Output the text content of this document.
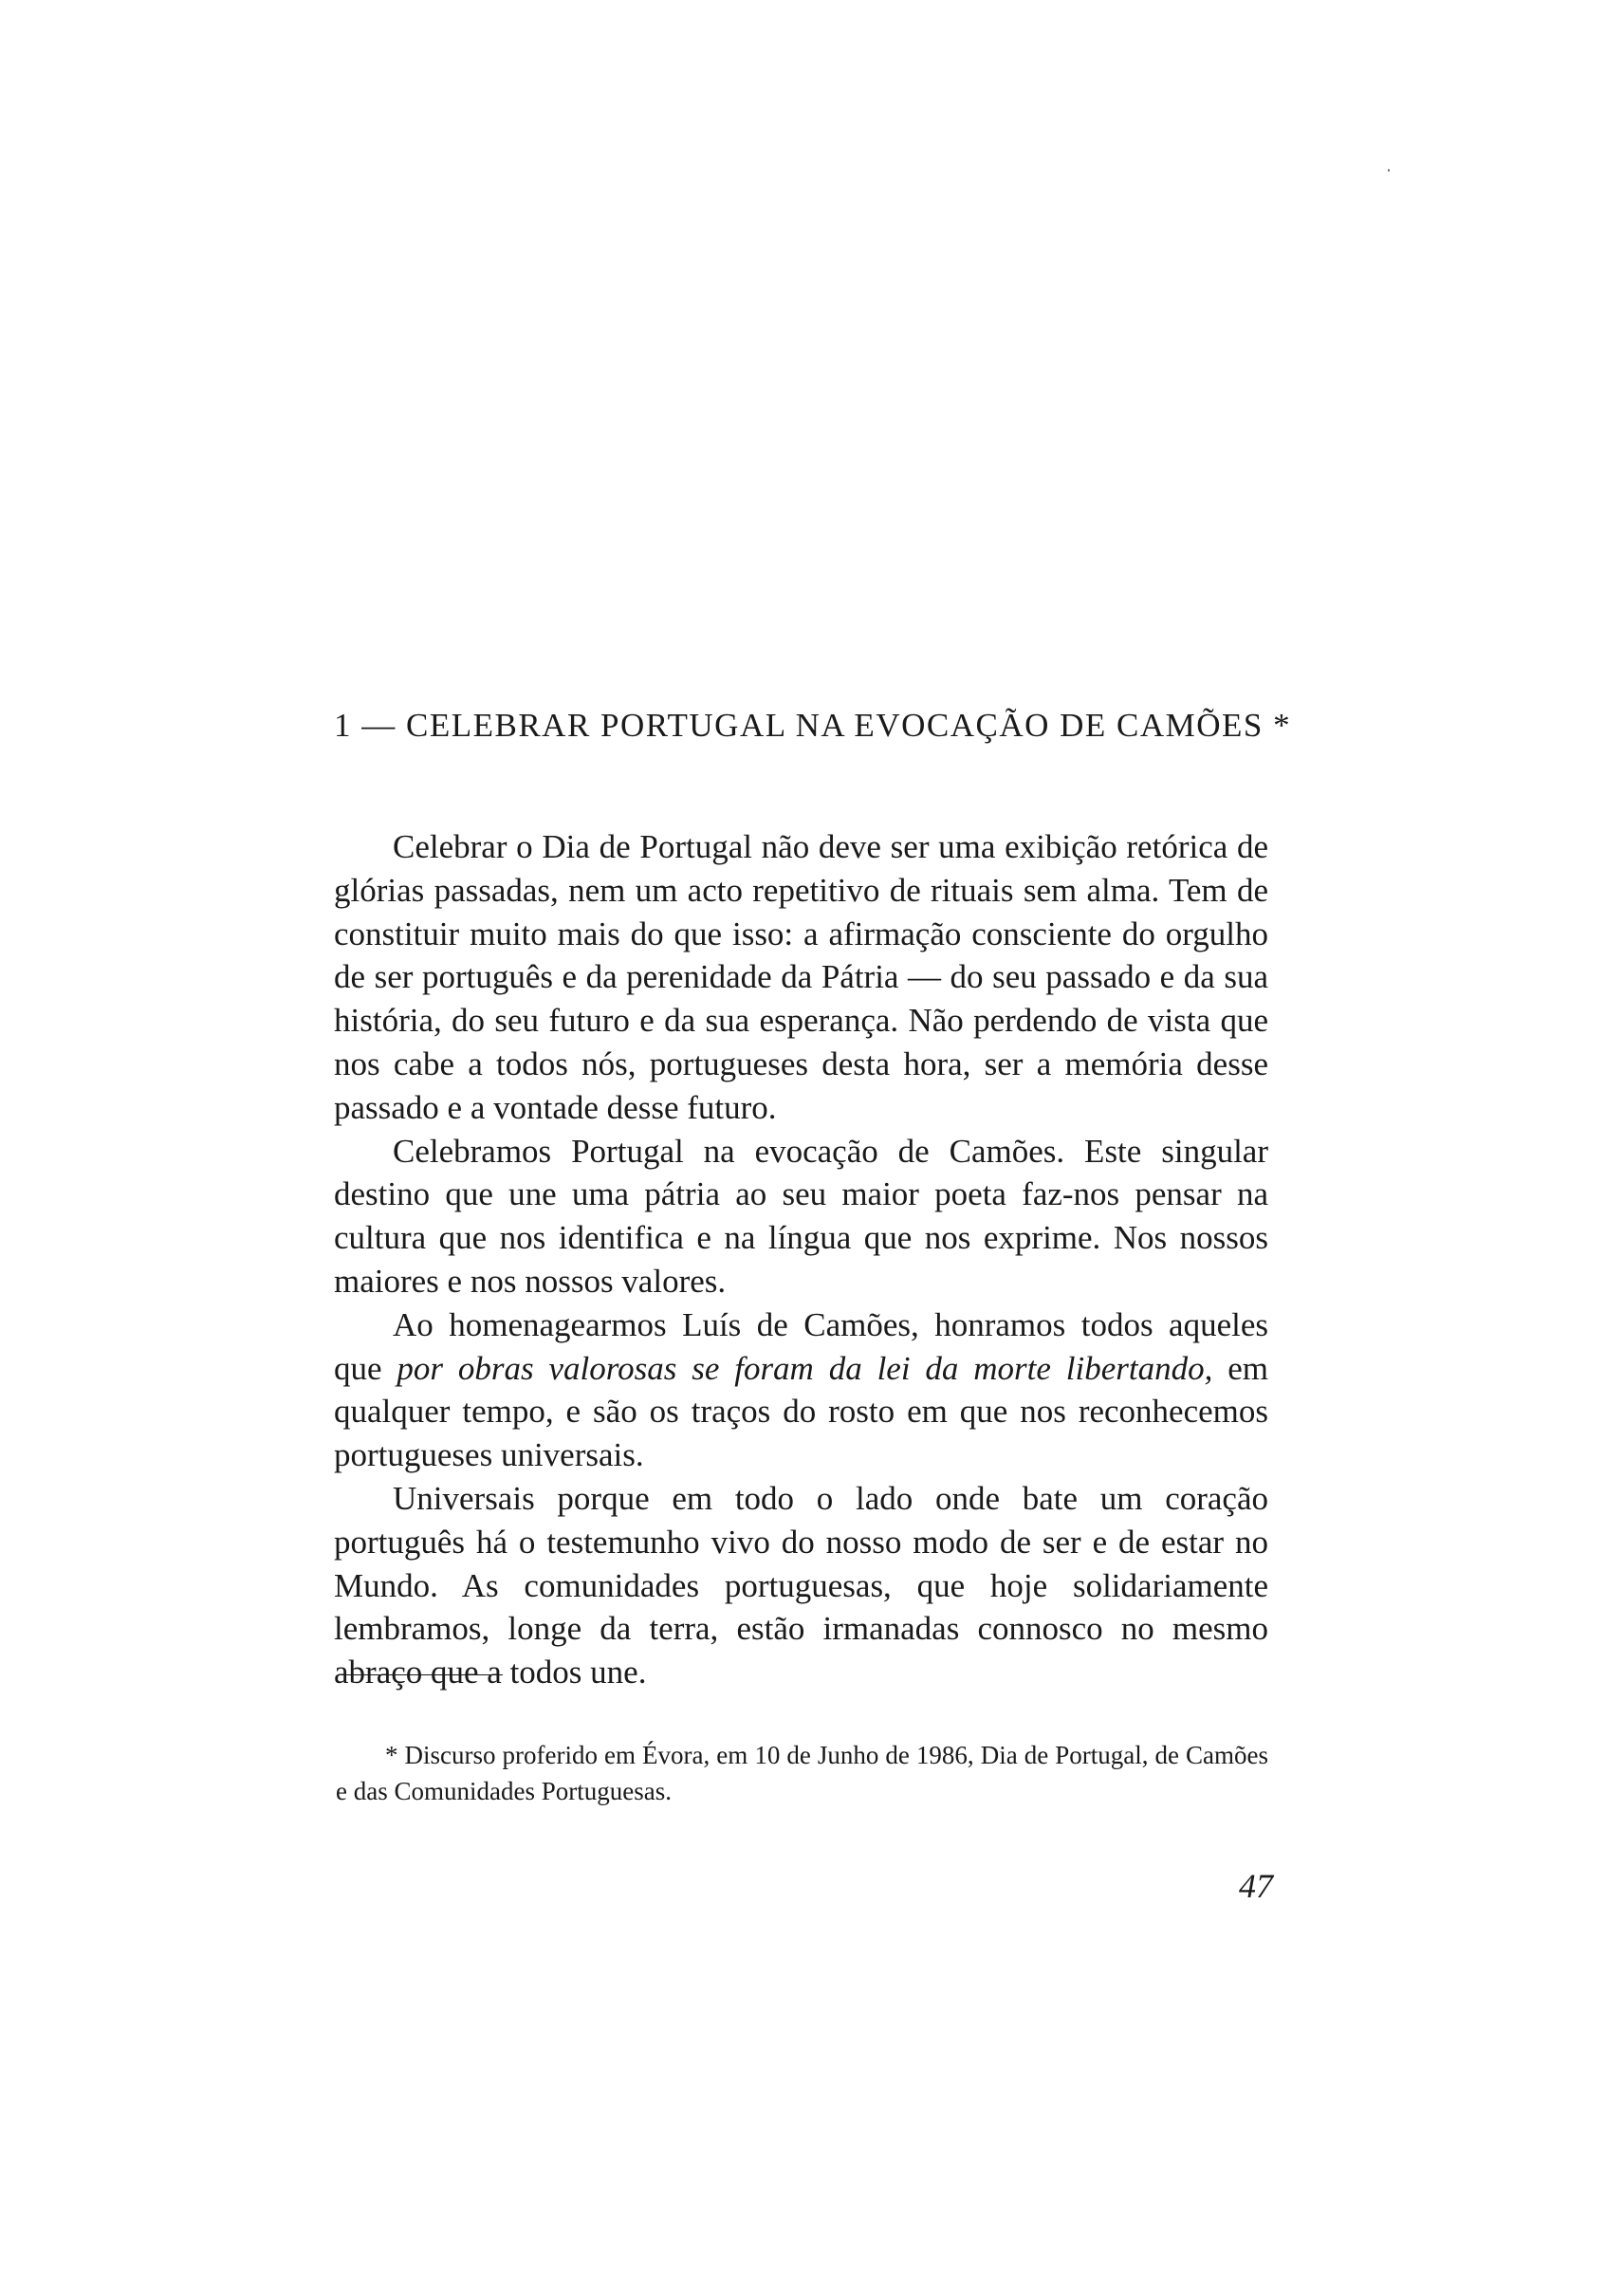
1 — CELEBRAR PORTUGAL NA EVOCAÇÃO DE CAMÕES *

Celebrar o Dia de Portugal não deve ser uma exibição retórica de glórias passadas, nem um acto repetitivo de rituais sem alma. Tem de constituir muito mais do que isso: a afirmação consciente do orgulho de ser português e da perenidade da Pátria — do seu passado e da sua história, do seu futuro e da sua esperança. Não perdendo de vista que nos cabe a todos nós, portugueses desta hora, ser a memória desse passado e a vontade desse futuro.

Celebramos Portugal na evocação de Camões. Este singular destino que une uma pátria ao seu maior poeta faz-nos pensar na cultura que nos identifica e na língua que nos exprime. Nos nossos maiores e nos nossos valores.

Ao homenagearmos Luís de Camões, honramos todos aqueles que por obras valorosas se foram da lei da morte libertando, em qualquer tempo, e são os traços do rosto em que nos reconhecemos portugueses universais.

Universais porque em todo o lado onde bate um coração português há o testemunho vivo do nosso modo de ser e de estar no Mundo. As comunidades portuguesas, que hoje solidariamente lembramos, longe da terra, estão irmanadas connosco no mesmo abraço que a todos une.

* Discurso proferido em Évora, em 10 de Junho de 1986, Dia de Portugal, de Camões e das Comunidades Portuguesas.

47
